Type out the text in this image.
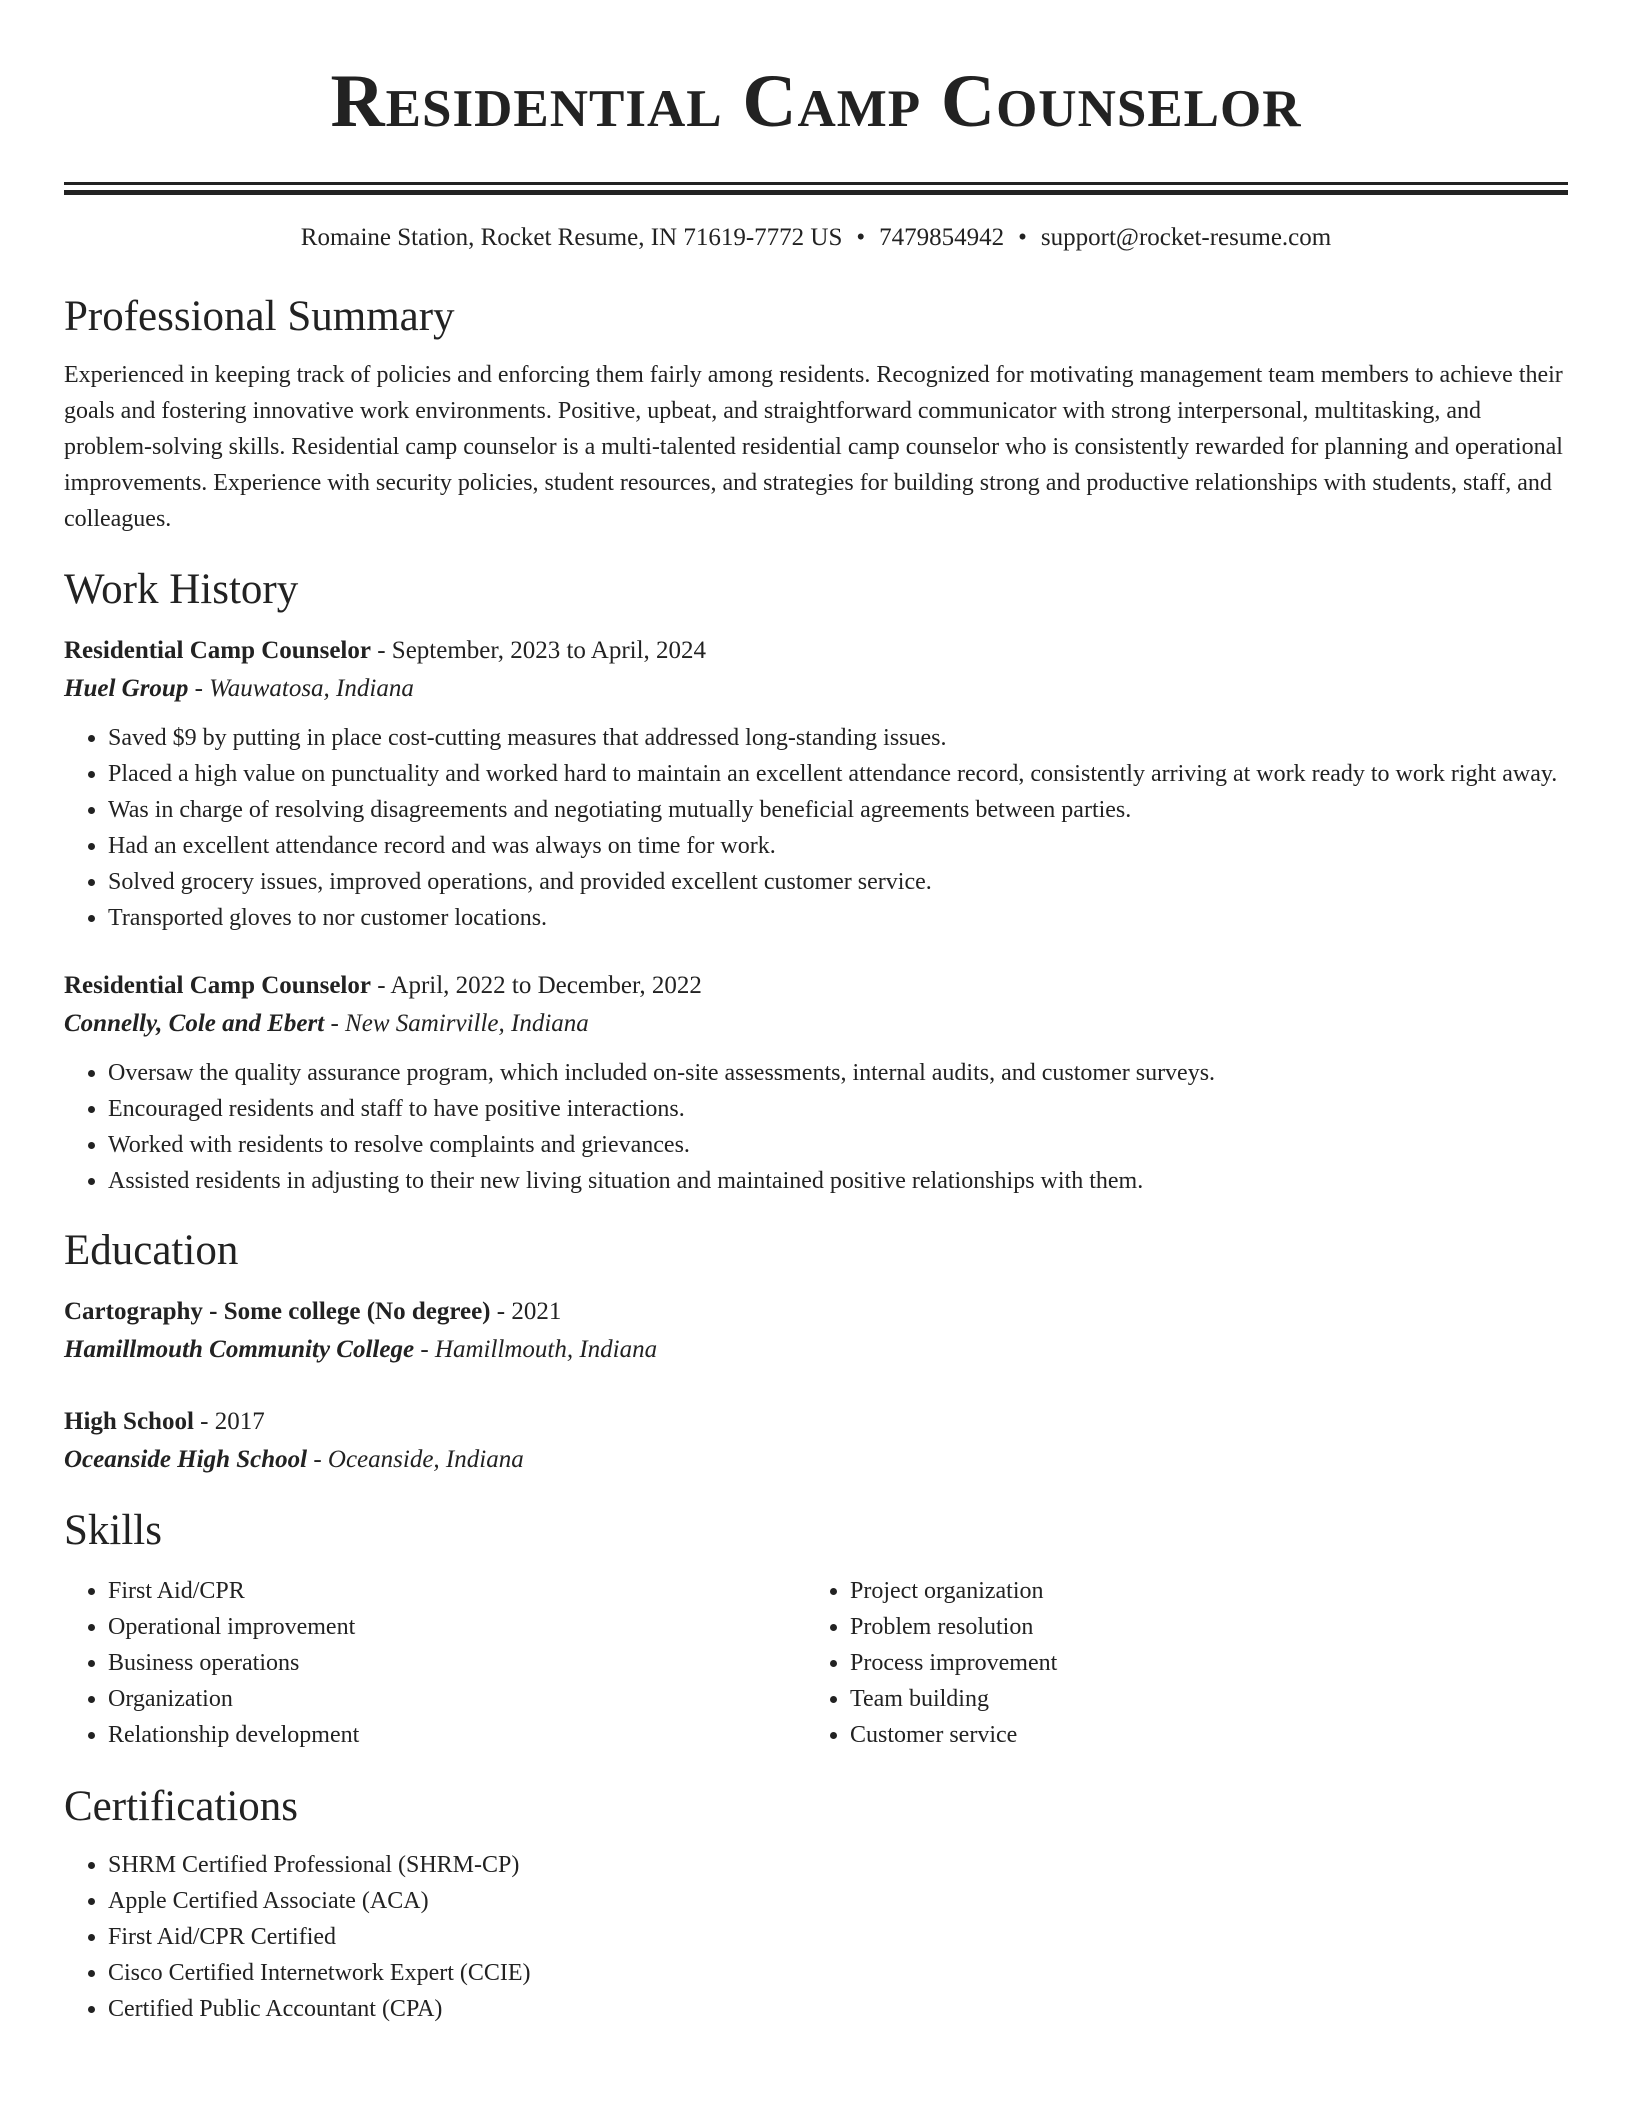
Residential Camp Counselor
Romaine Station, Rocket Resume, IN 71619-7772 US • 7479854942 • support@rocket-resume.com
Professional Summary
Experienced in keeping track of policies and enforcing them fairly among residents. Recognized for motivating management team members to achieve their goals and fostering innovative work environments. Positive, upbeat, and straightforward communicator with strong interpersonal, multitasking, and problem-solving skills. Residential camp counselor is a multi-talented residential camp counselor who is consistently rewarded for planning and operational improvements. Experience with security policies, student resources, and strategies for building strong and productive relationships with students, staff, and colleagues.
Work History
Residential Camp Counselor - September, 2023 to April, 2024
Huel Group - Wauwatosa, Indiana
• Saved $9 by putting in place cost-cutting measures that addressed long-standing issues.
• Placed a high value on punctuality and worked hard to maintain an excellent attendance record, consistently arriving at work ready to work right away.
• Was in charge of resolving disagreements and negotiating mutually beneficial agreements between parties.
• Had an excellent attendance record and was always on time for work.
• Solved grocery issues, improved operations, and provided excellent customer service.
• Transported gloves to nor customer locations.
Residential Camp Counselor - April, 2022 to December, 2022
Connelly, Cole and Ebert - New Samirville, Indiana
• Oversaw the quality assurance program, which included on-site assessments, internal audits, and customer surveys.
• Encouraged residents and staff to have positive interactions.
• Worked with residents to resolve complaints and grievances.
• Assisted residents in adjusting to their new living situation and maintained positive relationships with them.
Education
Cartography - Some college (No degree) - 2021
Hamillmouth Community College - Hamillmouth, Indiana
High School - 2017
Oceanside High School - Oceanside, Indiana
Skills
• First Aid/CPR
• Operational improvement
• Business operations
• Organization
• Relationship development
• Project organization
• Problem resolution
• Process improvement
• Team building
• Customer service
Certifications
• SHRM Certified Professional (SHRM-CP)
• Apple Certified Associate (ACA)
• First Aid/CPR Certified
• Cisco Certified Internetwork Expert (CCIE)
• Certified Public Accountant (CPA)
